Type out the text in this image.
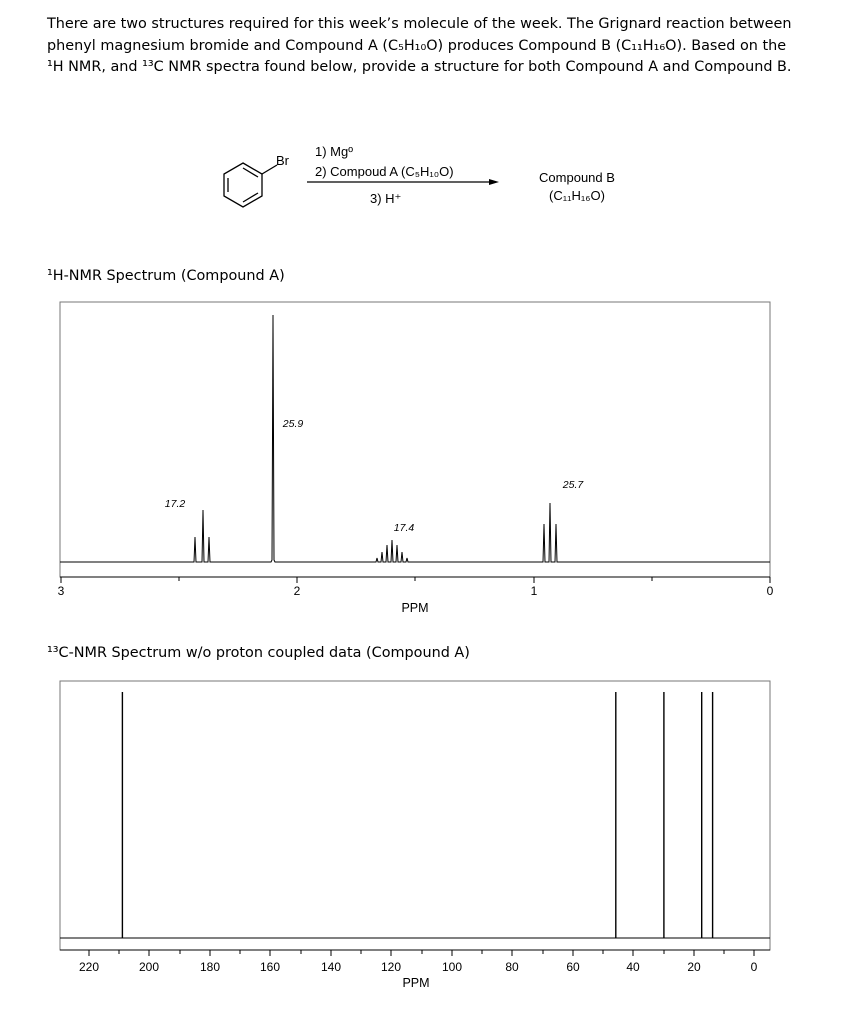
There are two structures required for this week’s molecule of the week. The Grignard reaction between

phenyl magnesium bromide and Compound A (C₅H₁₀O) produces Compound B (C₁₁H₁₆O). Based on the

¹H NMR, and ¹³C NMR spectra found below, provide a structure for both Compound A and Compound B.

Br
1) Mgº
2) Compoud A (C₅H₁₀O)
3) H⁺
Compound B
(C₁₁H₁₆O)
¹H-NMR Spectrum (Compound A)
3	2	1	0
PPM
17.2
25.9
17.4
25.7
¹³C-NMR Spectrum w/o proton coupled data (Compound A)
220	200	180	160	140	120	100	80	60	40	20	0
PPM
